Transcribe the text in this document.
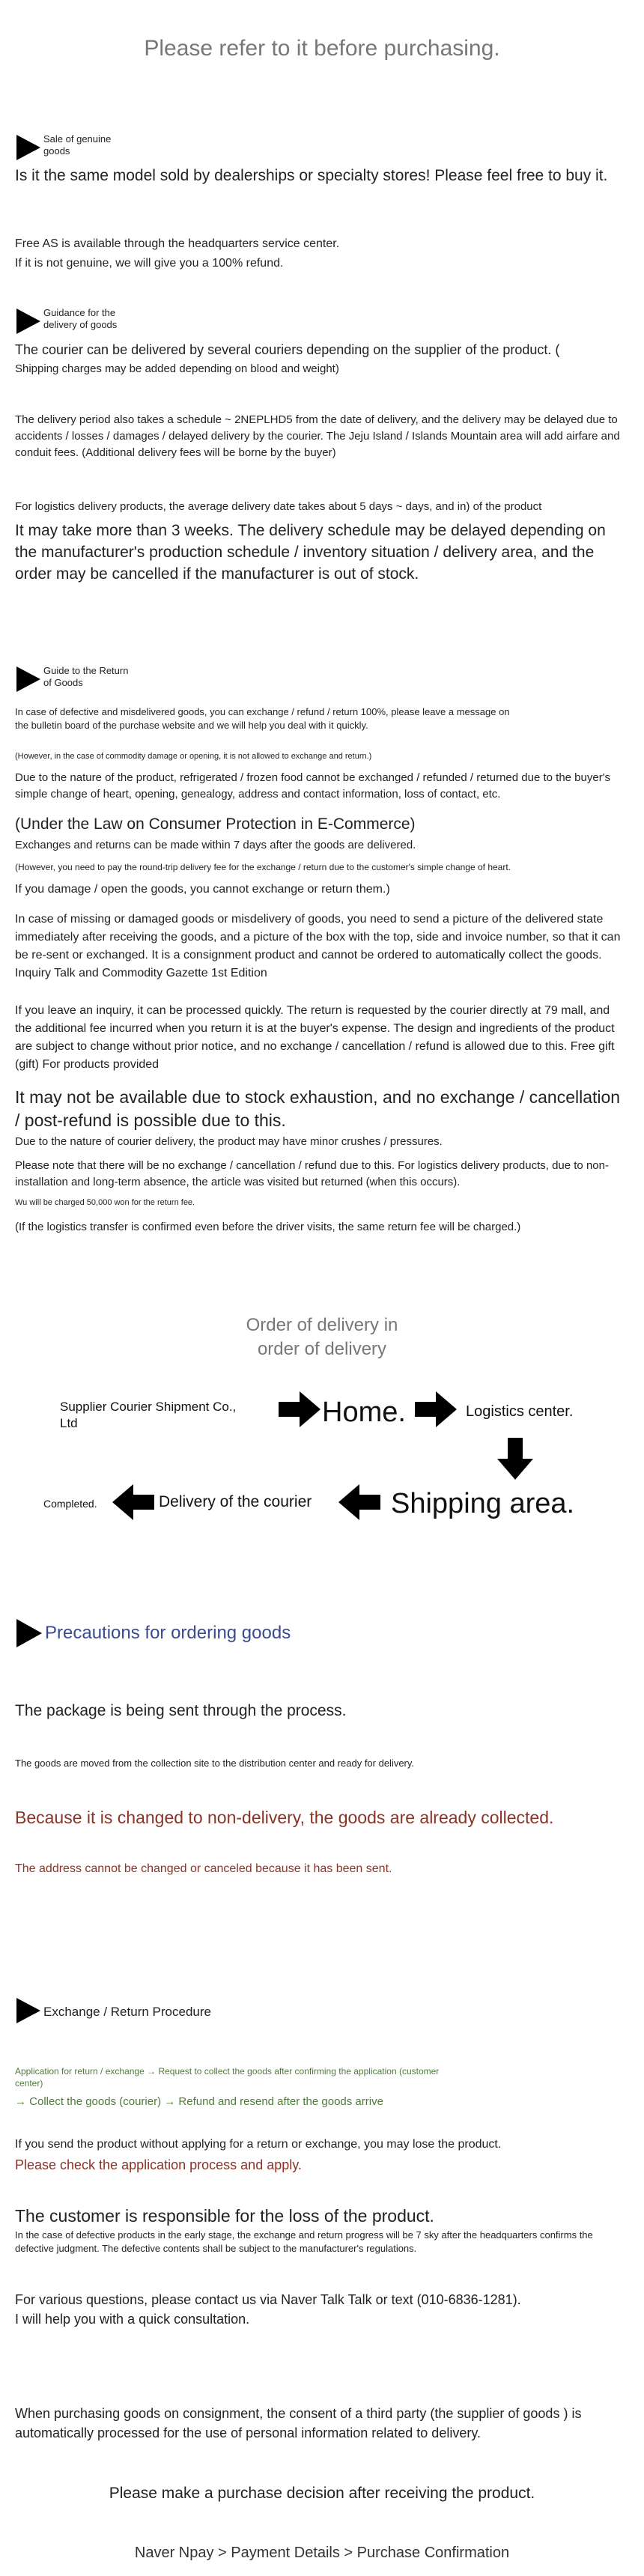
Please refer to it before purchasing.
Sale of genuine
goods
Is it the same model sold by dealerships or specialty stores! Please feel free to buy it.
Free AS is available through the headquarters service center.
If it is not genuine, we will give you a 100% refund.
Guidance for the
delivery of goods
The courier can be delivered by several couriers depending on the supplier of the product. (
Shipping charges may be added depending on blood and weight)
The delivery period also takes a schedule ~ 2NEPLHD5 from the date of delivery, and the delivery may be delayed due to accidents / losses / damages / delayed delivery by the courier. The Jeju Island / Islands Mountain area will add airfare and conduit fees. (Additional delivery fees will be borne by the buyer)
For logistics delivery products, the average delivery date takes about 5 days ~ days, and in) of the product
It may take more than 3 weeks. The delivery schedule may be delayed depending on the manufacturer's production schedule / inventory situation / delivery area, and the order may be cancelled if the manufacturer is out of stock.
Guide to the Return
of Goods
In case of defective and misdelivered goods, you can exchange / refund / return 100%, please leave a message on the bulletin board of the purchase website and we will help you deal with it quickly.
(However, in the case of commodity damage or opening, it is not allowed to exchange and return.)
Due to the nature of the product, refrigerated / frozen food cannot be exchanged / refunded / returned due to the buyer's simple change of heart, opening, genealogy, address and contact information, loss of contact, etc.
(Under the Law on Consumer Protection in E-Commerce)
Exchanges and returns can be made within 7 days after the goods are delivered.
(However, you need to pay the round-trip delivery fee for the exchange / return due to the customer's simple change of heart.
If you damage / open the goods, you cannot exchange or return them.)
In case of missing or damaged goods or misdelivery of goods, you need to send a picture of the delivered state immediately after receiving the goods, and a picture of the box with the top, side and invoice number, so that it can be re-sent or exchanged. It is a consignment product and cannot be ordered to automatically collect the goods. Inquiry Talk and Commodity Gazette 1st Edition
If you leave an inquiry, it can be processed quickly. The return is requested by the courier directly at 79 mall, and the additional fee incurred when you return it is at the buyer's expense. The design and ingredients of the product are subject to change without prior notice, and no exchange / cancellation / refund is allowed due to this. Free gift (gift) For products provided
It may not be available due to stock exhaustion, and no exchange / cancellation / post-refund is possible due to this.
Due to the nature of courier delivery, the product may have minor crushes / pressures.
Please note that there will be no exchange / cancellation / refund due to this. For logistics delivery products, due to non-installation and long-term absence, the article was visited but returned (when this occurs).
Wu will be charged 50,000 won for the return fee.
(If the logistics transfer is confirmed even before the driver visits, the same return fee will be charged.)
Order of delivery in
order of delivery
Supplier Courier Shipment Co., Ltd	Home.	Logistics center.
Shipping area.
Delivery of the courier
Completed.
Precautions for ordering goods
The package is being sent through the process.
The goods are moved from the collection site to the distribution center and ready for delivery.
Because it is changed to non-delivery, the goods are already collected.
The address cannot be changed or canceled because it has been sent.
Exchange / Return Procedure
Application for return / exchange → Request to collect the goods after confirming the application (customer center)
→ Collect the goods (courier) → Refund and resend after the goods arrive
If you send the product without applying for a return or exchange, you may lose the product.
Please check the application process and apply.
The customer is responsible for the loss of the product.
In the case of defective products in the early stage, the exchange and return progress will be 7 sky after the headquarters confirms the defective judgment. The defective contents shall be subject to the manufacturer's regulations.
For various questions, please contact us via Naver Talk Talk or text (010-6836-1281).
I will help you with a quick consultation.
When purchasing goods on consignment, the consent of a third party (the supplier of goods ) is automatically processed for the use of personal information related to delivery.
Please make a purchase decision after receiving the product.
Naver Npay > Payment Details > Purchase Confirmation
